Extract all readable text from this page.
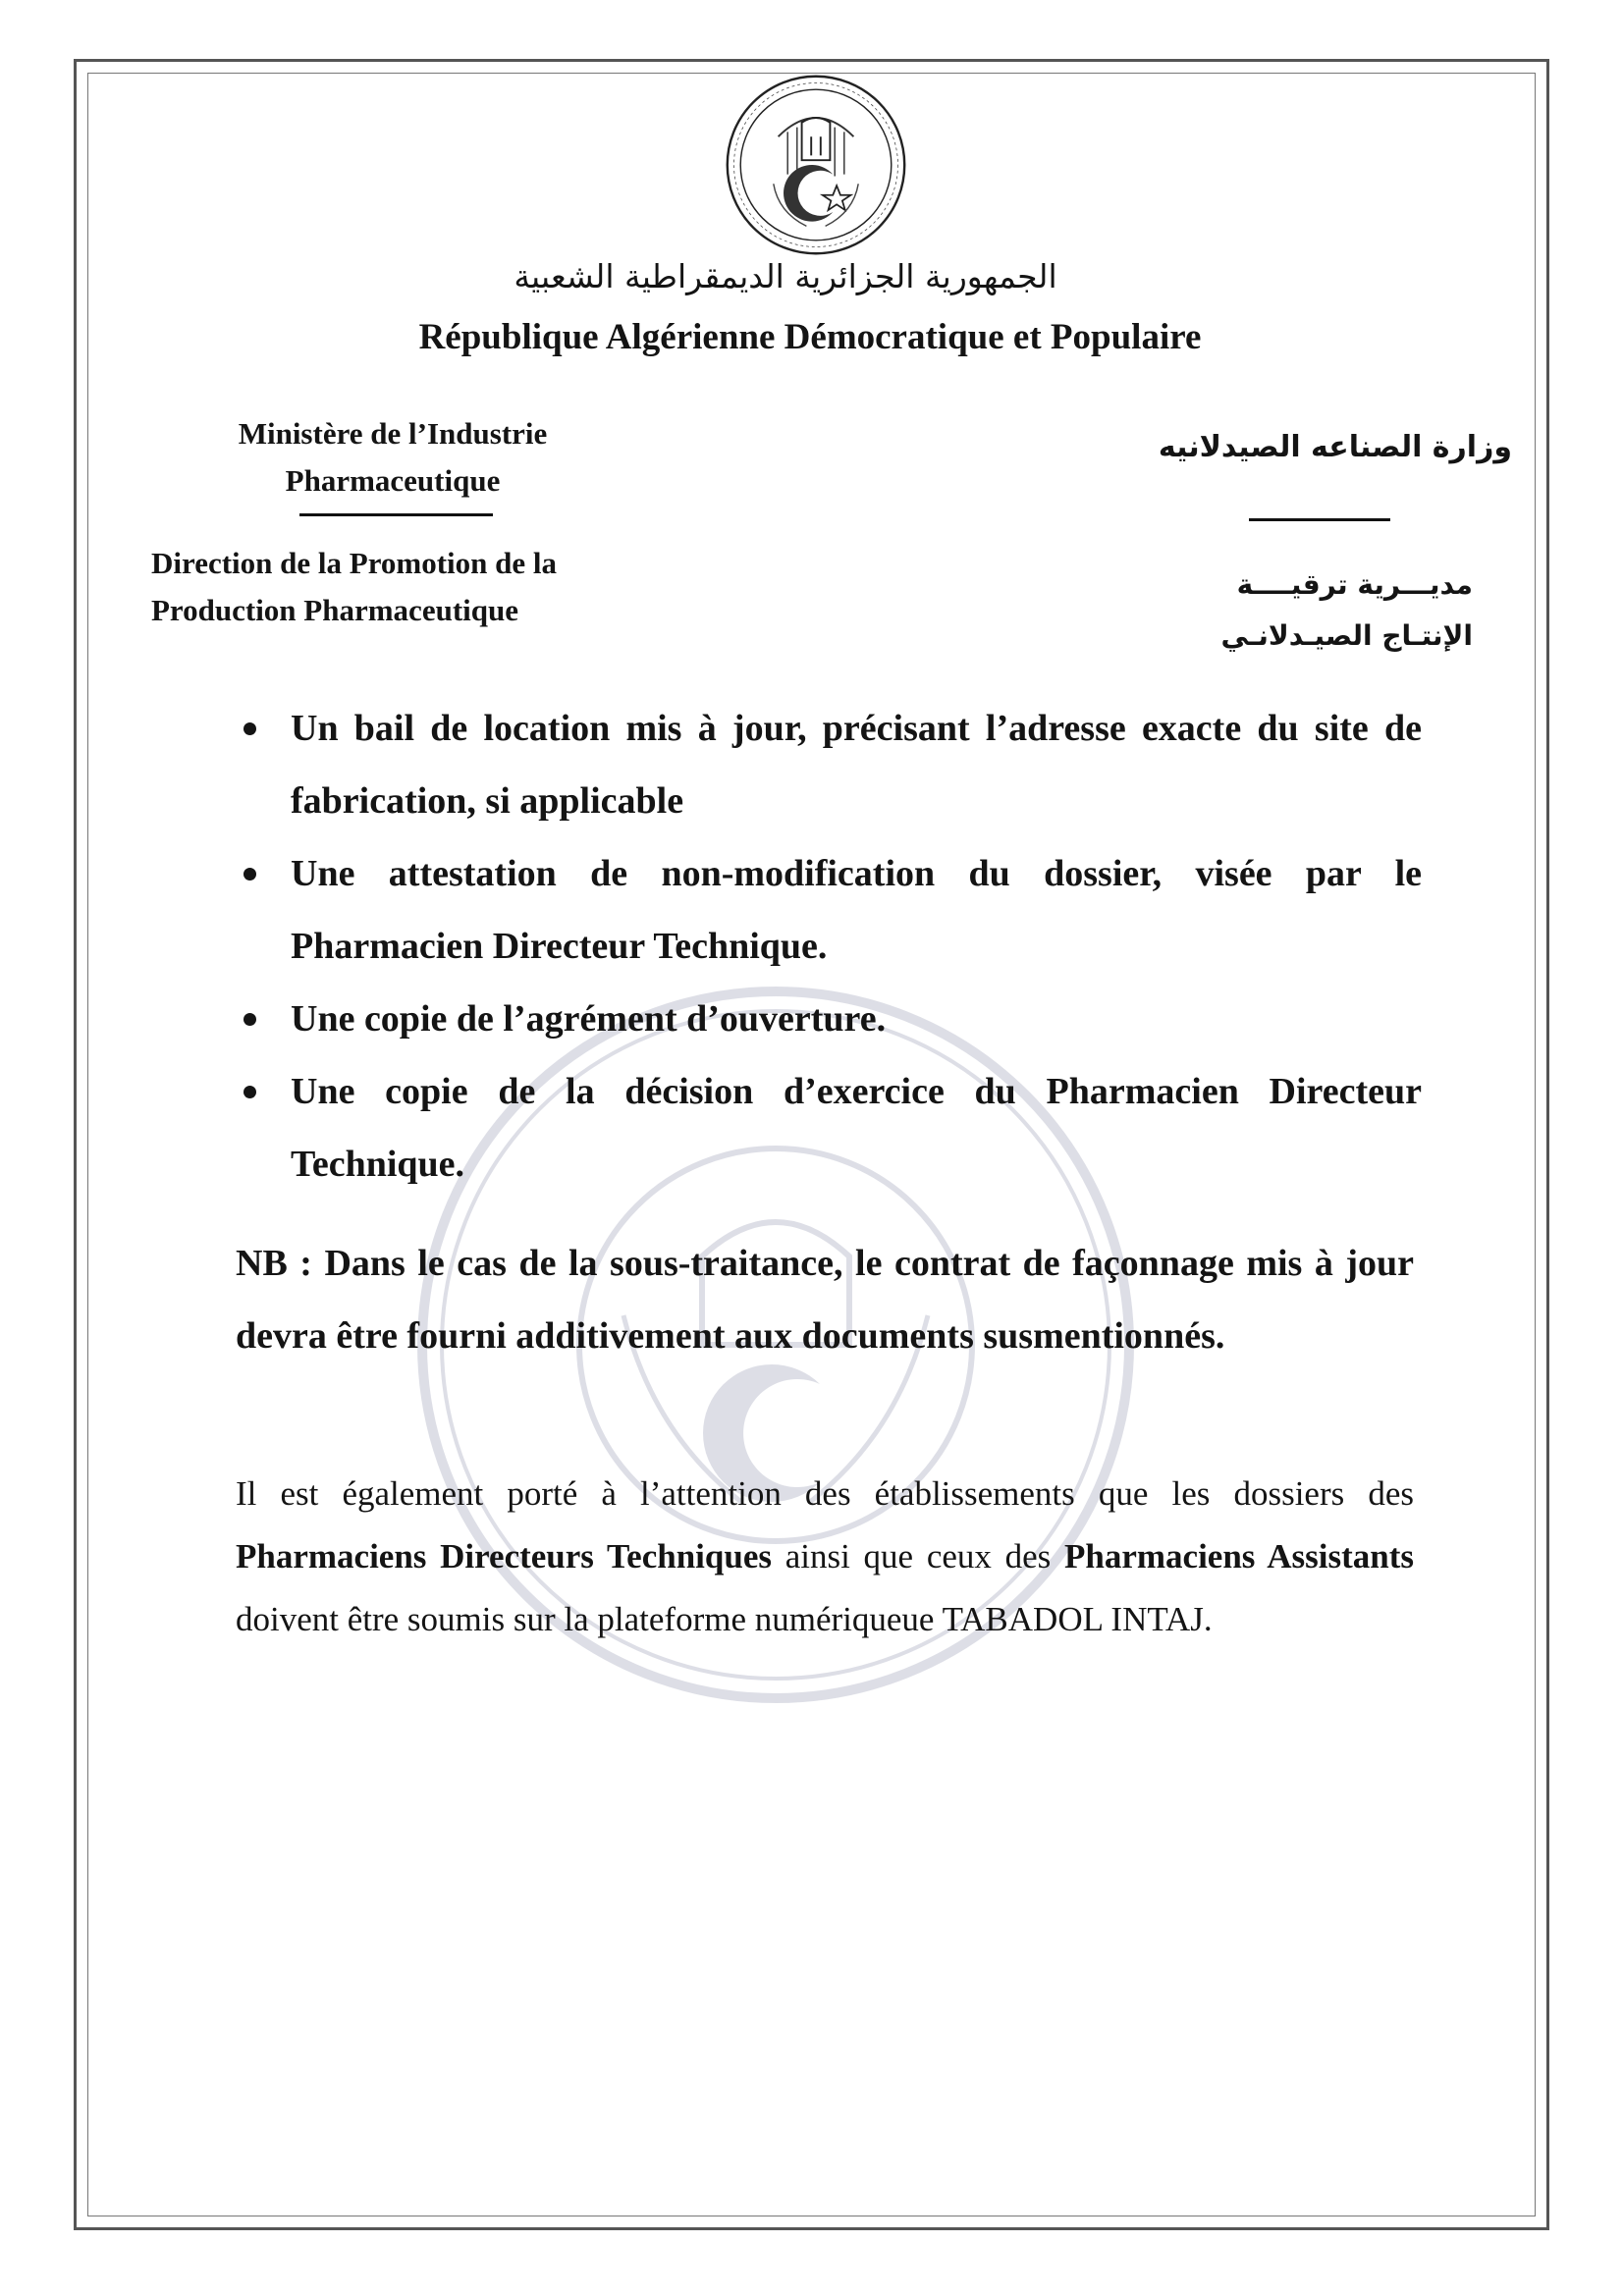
الجمهورية الجزائرية الديمقراطية الشعبية
République Algérienne Démocratique et Populaire
Ministère de l’Industrie
Pharmaceutique
Direction de la Promotion de la
Production Pharmaceutique
وزارة الصناعه الصيدلانيه
مديـــرية ترقيــــة
الإنتـاج الصيـدلانـي
Un bail de location mis à jour, précisant l’adresse exacte du site de fabrication, si applicable
Une attestation de non-modification du dossier, visée par le Pharmacien Directeur Technique.
Une copie de l’agrément d’ouverture.
Une copie de la décision d’exercice du Pharmacien Directeur Technique.
NB : Dans le cas de la sous-traitance, le contrat de façonnage mis à jour devra être fourni additivement aux documents susmentionnés.
Il est également porté à l’attention des établissements que les dossiers des Pharmaciens Directeurs Techniques ainsi que ceux des Pharmaciens Assistants doivent être soumis sur la plateforme numériqueue TABADOL INTAJ.
